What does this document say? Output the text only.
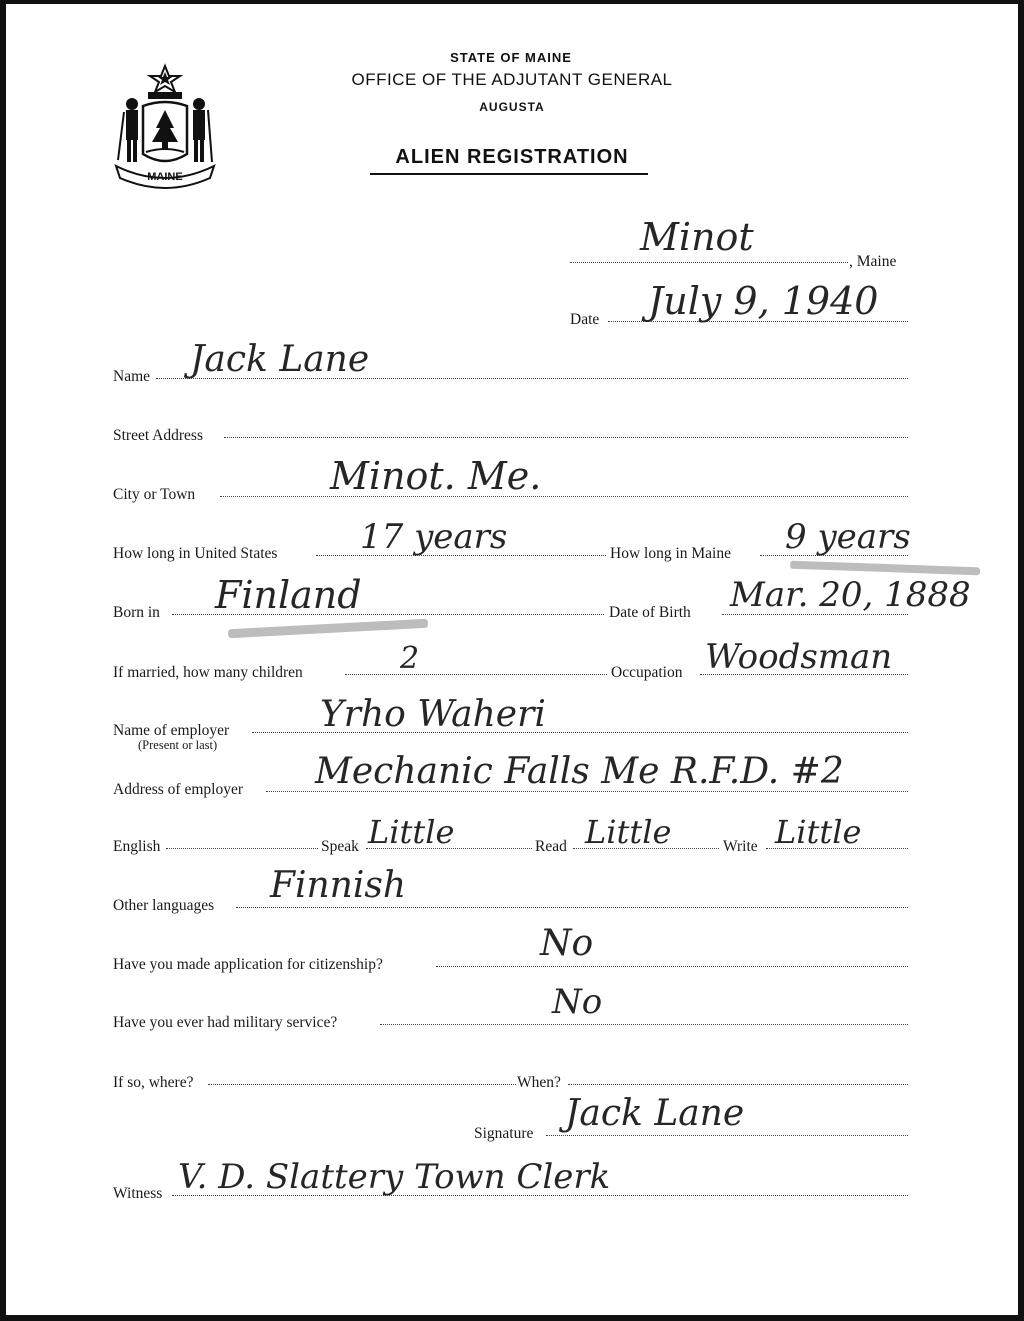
MAINE
STATE OF MAINE
OFFICE OF THE ADJUTANT GENERAL
AUGUSTA
ALIEN REGISTRATION
Minot
, Maine
Date July 9, 1940
Name Jack Lane
Street Address
City or Town	Minot. Me.
How long in United States 17 years	How long in Maine 9 years
Born in Finland	Date of Birth Mar. 20, 1888
If married, how many children	2	Occupation Woodsman
Name of employer
(Present or last)
Yrho Waheri
Address of employer Mechanic Falls Me R.F.D. #2
English	Speak Little	Read Little	Write Little
Other languages Finnish
Have you made application for citizenship?
No
Have you ever had military service?
No
If so, where?	When?
Signature Jack Lane
Witness V. D. Slattery Town Clerk
